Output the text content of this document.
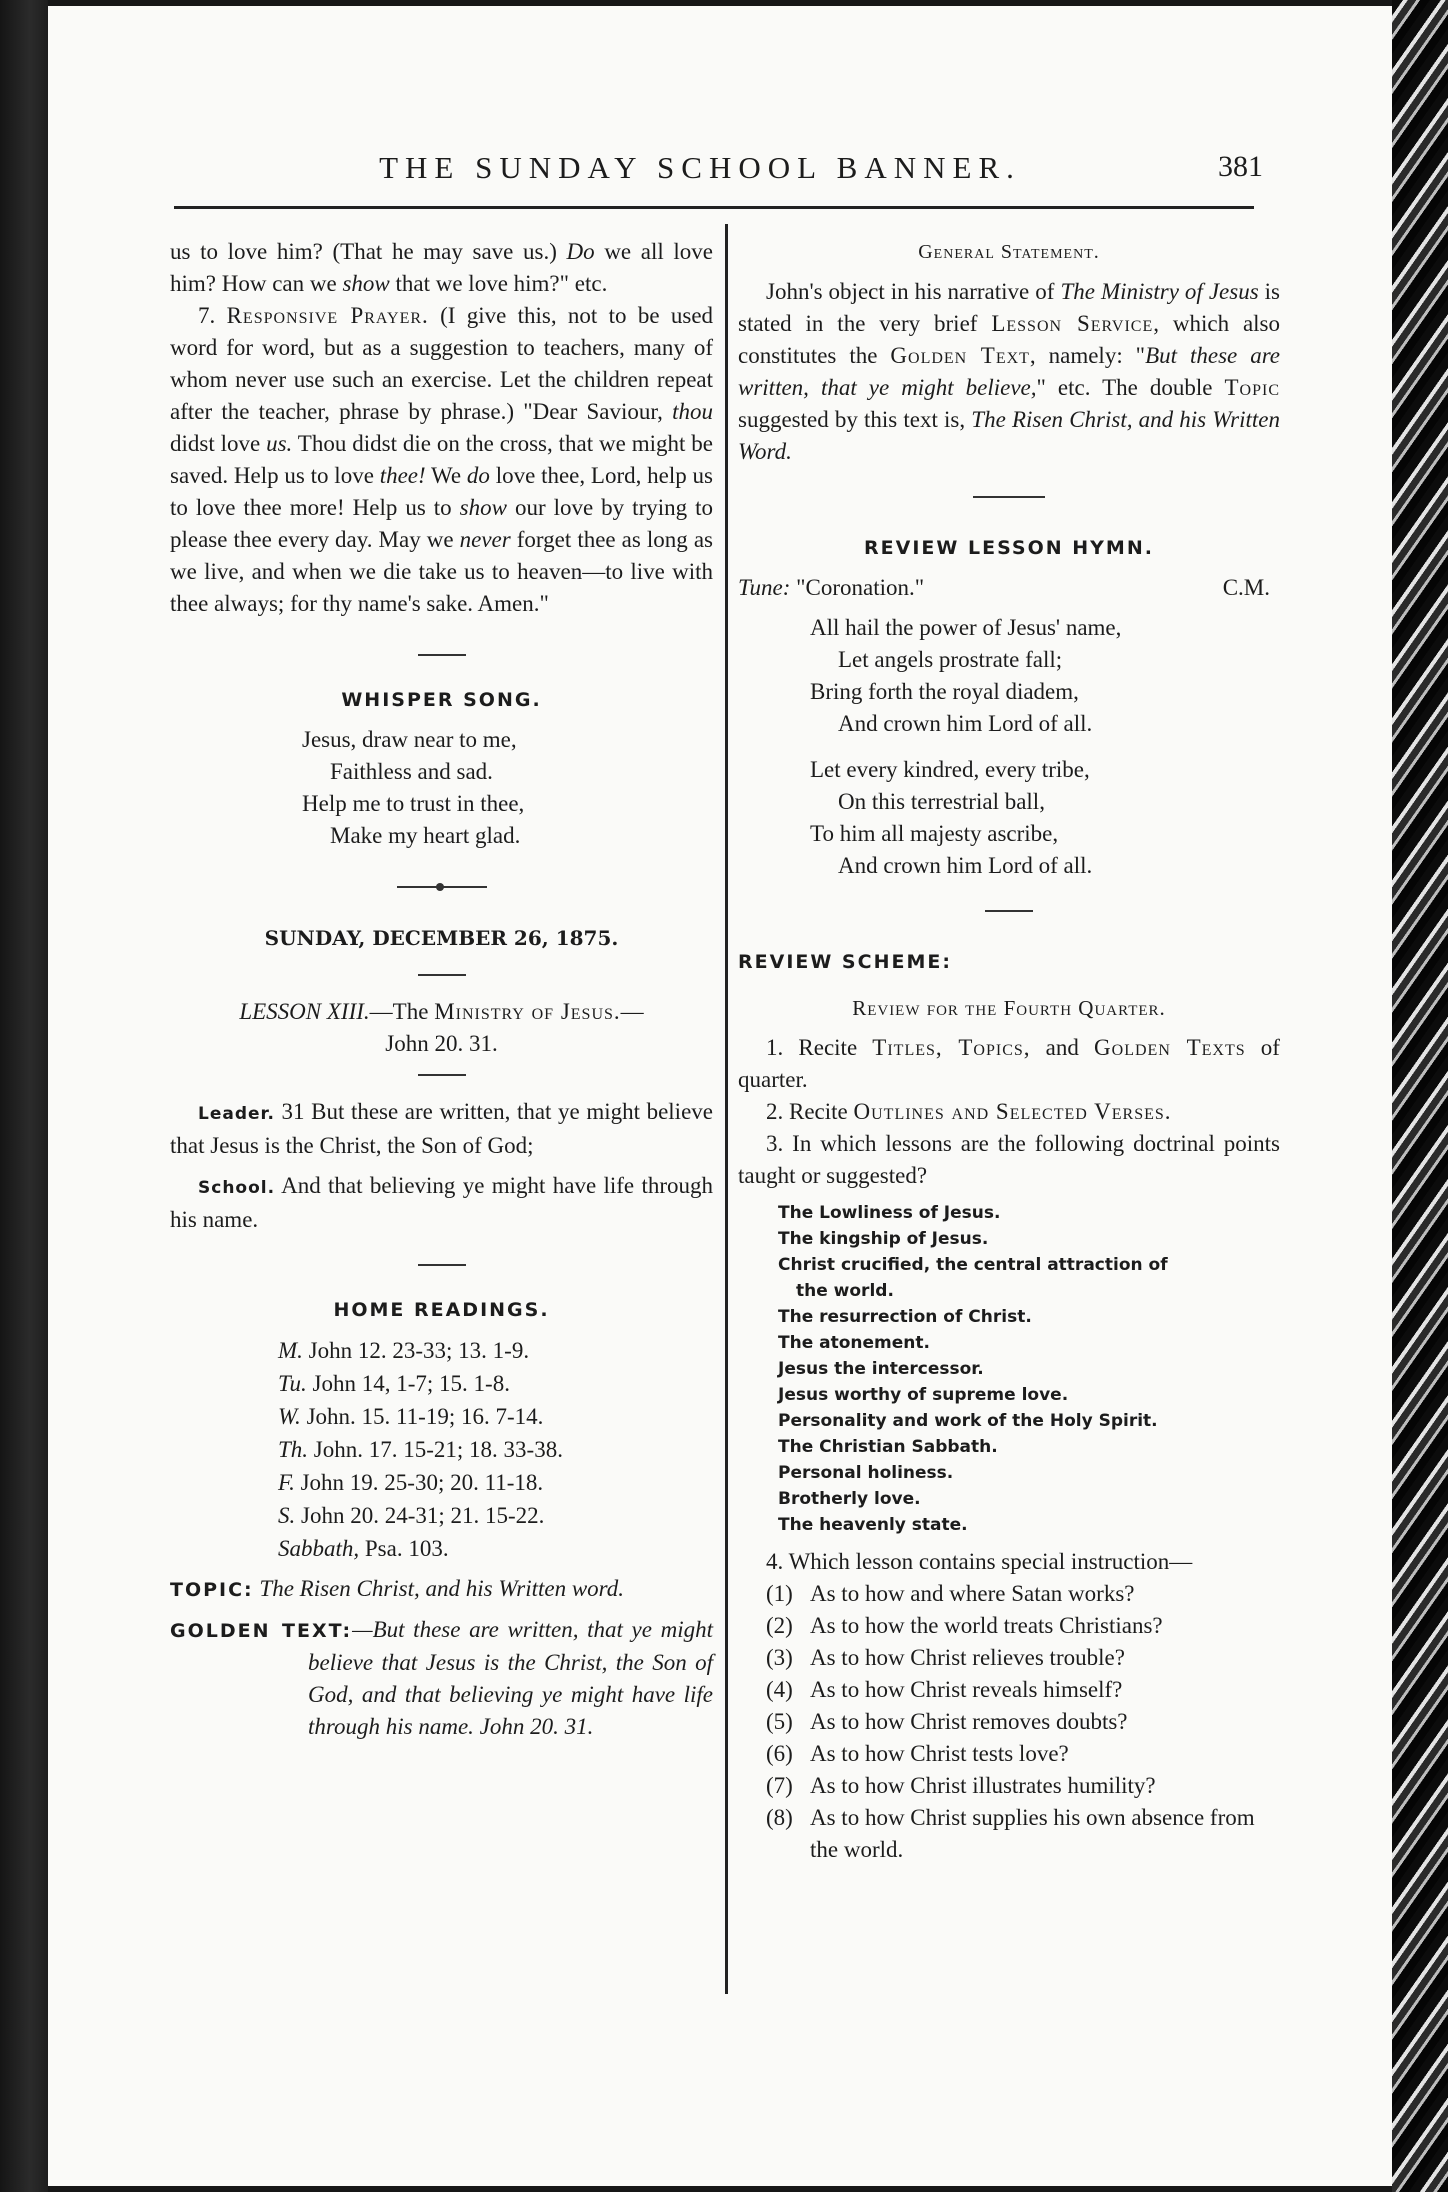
THE SUNDAY SCHOOL BANNER.	381

us to love him? (That he may save us.) Do we all love him? How can we show that we love him?" etc.

7. Responsive Prayer. (I give this, not to be used word for word, but as a suggestion to teachers, many of whom never use such an exercise. Let the children repeat after the teacher, phrase by phrase.) "Dear Saviour, thou didst love us. Thou didst die on the cross, that we might be saved. Help us to love thee! We do love thee, Lord, help us to love thee more! Help us to show our love by trying to please thee every day. May we never forget thee as long as we live, and when we die take us to heaven—to live with thee always; for thy name's sake. Amen."

WHISPER SONG.
Jesus, draw near to me,
Faithless and sad.
Help me to trust in thee,
Make my heart glad.
SUNDAY, DECEMBER 26, 1875.
LESSON XIII.—The Ministry of Jesus.—
John 20. 31.

Leader. 31 But these are written, that ye might believe that Jesus is the Christ, the Son of God;

School. And that believing ye might have life through his name.

HOME READINGS.
M. John 12. 23-33; 13. 1-9.
Tu. John 14, 1-7; 15. 1-8.
W. John. 15. 11-19; 16. 7-14.
Th. John. 17. 15-21; 18. 33-38.
F. John 19. 25-30; 20. 11-18.
S. John 20. 24-31; 21. 15-22.
Sabbath, Psa. 103.

TOPIC: The Risen Christ, and his Written word.

GOLDEN TEXT:—But these are written, that ye might believe that Jesus is the Christ, the Son of God, and that believing ye might have life through his name. John 20. 31.

General Statement.

John's object in his narrative of The Ministry of Jesus is stated in the very brief Lesson Service, which also constitutes the Golden Text, namely: "But these are written, that ye might believe," etc. The double Topic suggested by this text is, The Risen Christ, and his Written Word.

REVIEW LESSON HYMN.
Tune: "Coronation."	C.M.
All hail the power of Jesus' name,
Let angels prostrate fall;
Bring forth the royal diadem,
And crown him Lord of all.
Let every kindred, every tribe,
On this terrestrial ball,
To him all majesty ascribe,
And crown him Lord of all.
REVIEW SCHEME:
Review for the Fourth Quarter.

1. Recite Titles, Topics, and Golden Texts of quarter.

2. Recite Outlines and Selected Verses.

3. In which lessons are the following doctrinal points taught or suggested?

The Lowliness of Jesus.
The kingship of Jesus.
Christ crucified, the central attraction of
the world.
The resurrection of Christ.
The atonement.
Jesus the intercessor.
Jesus worthy of supreme love.
Personality and work of the Holy Spirit.
The Christian Sabbath.
Personal holiness.
Brotherly love.
The heavenly state.

4. Which lesson contains special instruction—

(1) As to how and where Satan works?
(2) As to how the world treats Christians?
(3) As to how Christ relieves trouble?
(4) As to how Christ reveals himself?
(5) As to how Christ removes doubts?
(6) As to how Christ tests love?
(7) As to how Christ illustrates humility?
(8) As to how Christ supplies his own absence from the world.
